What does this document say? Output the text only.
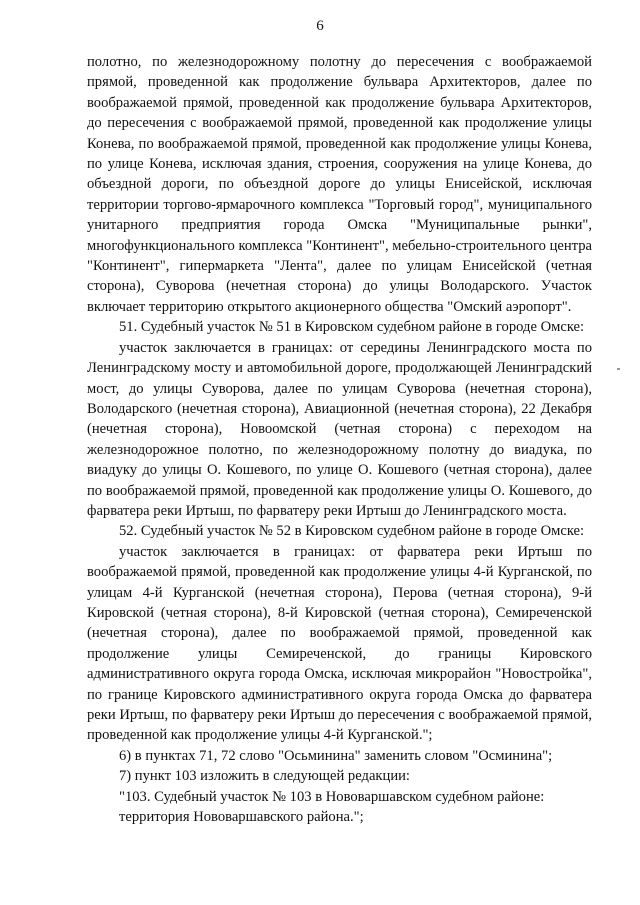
6

полотно, по железнодорожному полотну до пересечения с воображаемой прямой, проведенной как продолжение бульвара Архитекторов, далее по воображаемой прямой, проведенной как продолжение бульвара Архитекторов, до пересечения с воображаемой прямой, проведенной как продолжение улицы Конева, по воображаемой прямой, проведенной как продолжение улицы Конева, по улице Конева, исключая здания, строения, сооружения на улице Конева, до объездной дороги, по объездной дороге до улицы Енисейской, исключая территории торгово-ярмарочного комплекса "Торговый город", муниципального унитарного предприятия города Омска "Муниципальные рынки", многофункционального комплекса "Континент", мебельно-строительного центра "Континент", гипермаркета "Лента", далее по улицам Енисейской (четная сторона), Суворова (нечетная сторона) до улицы Володарского. Участок включает территорию открытого акционерного общества "Омский аэропорт".

51. Судебный участок № 51 в Кировском судебном районе в городе Омске:

участок заключается в границах: от середины Ленинградского моста по Ленинградскому мосту и автомобильной дороге, продолжающей Ленинградский мост, до улицы Суворова, далее по улицам Суворова (нечетная сторона), Володарского (нечетная сторона), Авиационной (нечетная сторона), 22 Декабря (нечетная сторона), Новоомской (четная сторона) с переходом на железнодорожное полотно, по железнодорожному полотну до виадука, по виадуку до улицы О. Кошевого, по улице О. Кошевого (четная сторона), далее по воображаемой прямой, проведенной как продолжение улицы О. Кошевого, до фарватера реки Иртыш, по фарватеру реки Иртыш до Ленинградского моста.

52. Судебный участок № 52 в Кировском судебном районе в городе Омске:

участок заключается в границах: от фарватера реки Иртыш по воображаемой прямой, проведенной как продолжение улицы 4-й Курганской, по улицам 4-й Курганской (нечетная сторона), Перова (четная сторона), 9-й Кировской (четная сторона), 8-й Кировской (четная сторона), Семиреченской (нечетная сторона), далее по воображаемой прямой, проведенной как продолжение улицы Семиреченской, до границы Кировского административного округа города Омска, исключая микрорайон "Новостройка", по границе Кировского административного округа города Омска до фарватера реки Иртыш, по фарватеру реки Иртыш до пересечения с воображаемой прямой, проведенной как продолжение улицы 4-й Курганской.";

6) в пунктах 71, 72 слово "Осьминина" заменить словом "Осминина";

7) пункт 103 изложить в следующей редакции:

"103. Судебный участок № 103 в Нововаршавском судебном районе:

территория Нововаршавского района.";
